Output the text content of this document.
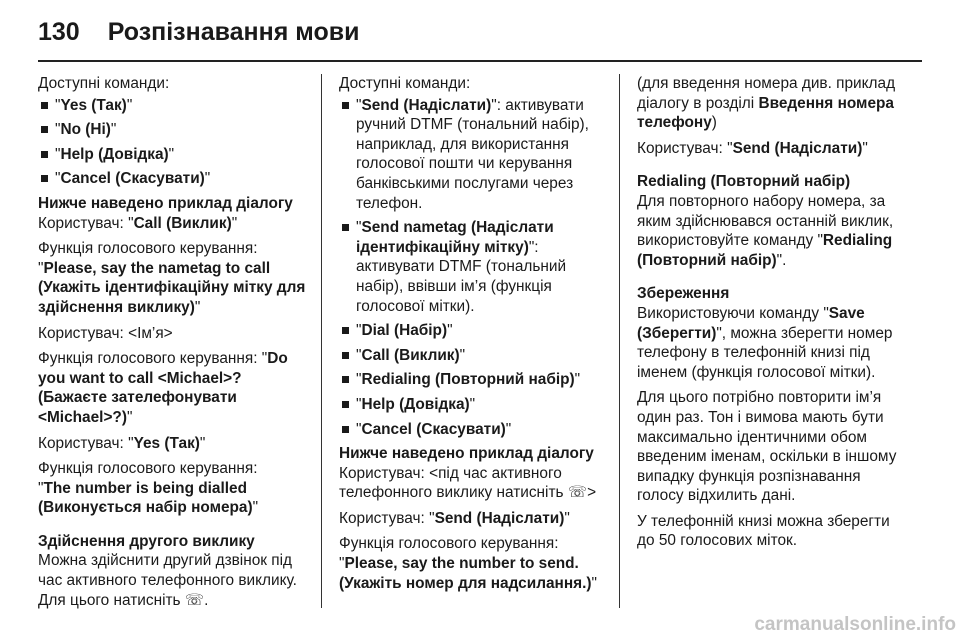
130 Розпізнавання мови

Доступні команди:

"Yes (Так)"
"No (Ні)"
"Help (Довідка)"
"Cancel (Скасувати)"

Нижче наведено приклад діалогу

Користувач: "Call (Виклик)"

Функція голосового керування:
"Please, say the nametag to call (Укажіть ідентифікаційну мітку для здійснення виклику)"

Користувач: <Ім’я>

Функція голосового керування: "Do you want to call <Michael>? (Бажаєте зателефонувати <Michael>?)"

Користувач: "Yes (Так)"

Функція голосового керування:
"The number is being dialled (Виконується набір номера)"

Здійснення другого виклику

Можна здійснити другий дзвінок під час активного телефонного виклику. Для цього натисніть ☏.

Доступні команди:

"Send (Надіслати)": активувати ручний DTMF (тональний набір), наприклад, для використання голосової пошти чи керування банківськими послугами через телефон.
"Send nametag (Надіслати ідентифікаційну мітку)": активувати DTMF (тональний набір), ввівши ім’я (функція голосової мітки).
"Dial (Набір)"
"Call (Виклик)"
"Redialing (Повторний набір)"
"Help (Довідка)"
"Cancel (Скасувати)"

Нижче наведено приклад діалогу

Користувач: <під час активного телефонного виклику натисніть ☏>

Користувач: "Send (Надіслати)"

Функція голосового керування:
"Please, say the number to send. (Укажіть номер для надсилання.)"

(для введення номера див. приклад діалогу в розділі Введення номера телефону)

Користувач: "Send (Надіслати)"

Redialing (Повторний набір)

Для повторного набору номера, за яким здійснювався останній виклик, використовуйте команду "Redialing (Повторний набір)".

Збереження

Використовуючи команду "Save (Зберегти)", можна зберегти номер телефону в телефонній книзі під іменем (функція голосової мітки).

Для цього потрібно повторити ім’я один раз. Тон і вимова мають бути максимально ідентичними обом введеним іменам, оскільки в іншому випадку функція розпізнавання голосу відхилить дані.

У телефонній книзі можна зберегти до 50 голосових міток.

carmanualsonline.info
